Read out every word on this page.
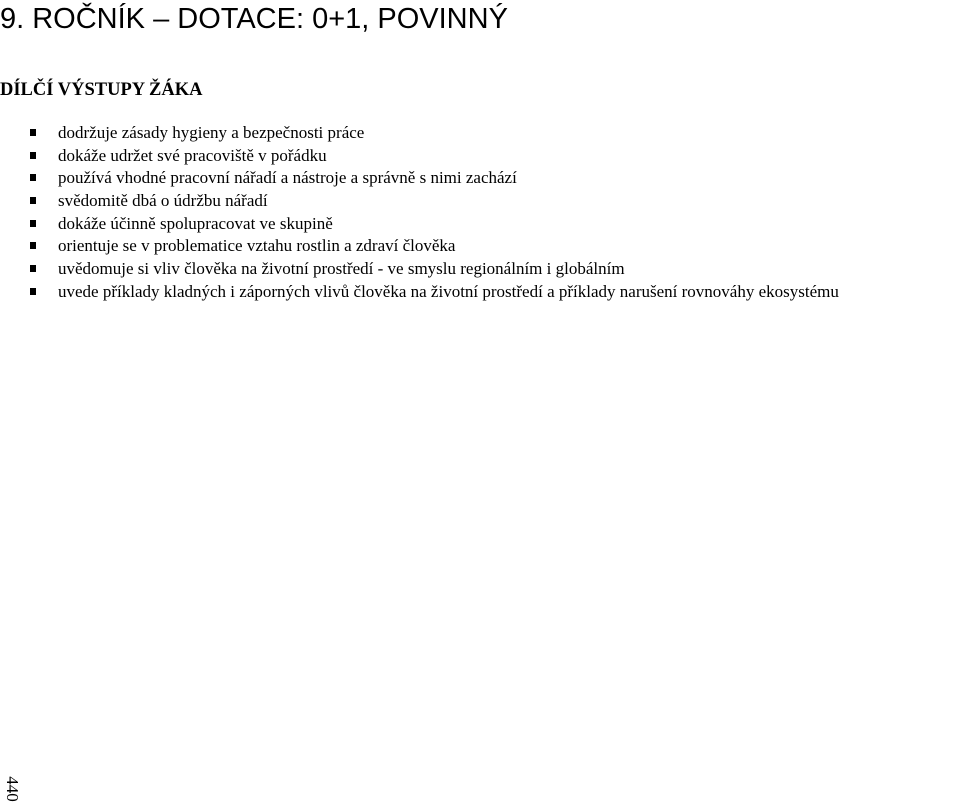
9. ROČNÍK – DOTACE: 0+1, POVINNÝ
DÍLČÍ VÝSTUPY ŽÁKA
dodržuje zásady hygieny a bezpečnosti práce
dokáže udržet své pracoviště v pořádku
používá vhodné pracovní nářadí a nástroje a správně s nimi zachází
svědomitě dbá o údržbu nářadí
dokáže účinně spolupracovat ve skupině
orientuje se v problematice vztahu rostlin a zdraví člověka
uvědomuje si vliv člověka na životní prostředí - ve smyslu regionálním i globálním
uvede příklady kladných i záporných vlivů člověka na životní prostředí a příklady narušení rovnováhy ekosystému
440
